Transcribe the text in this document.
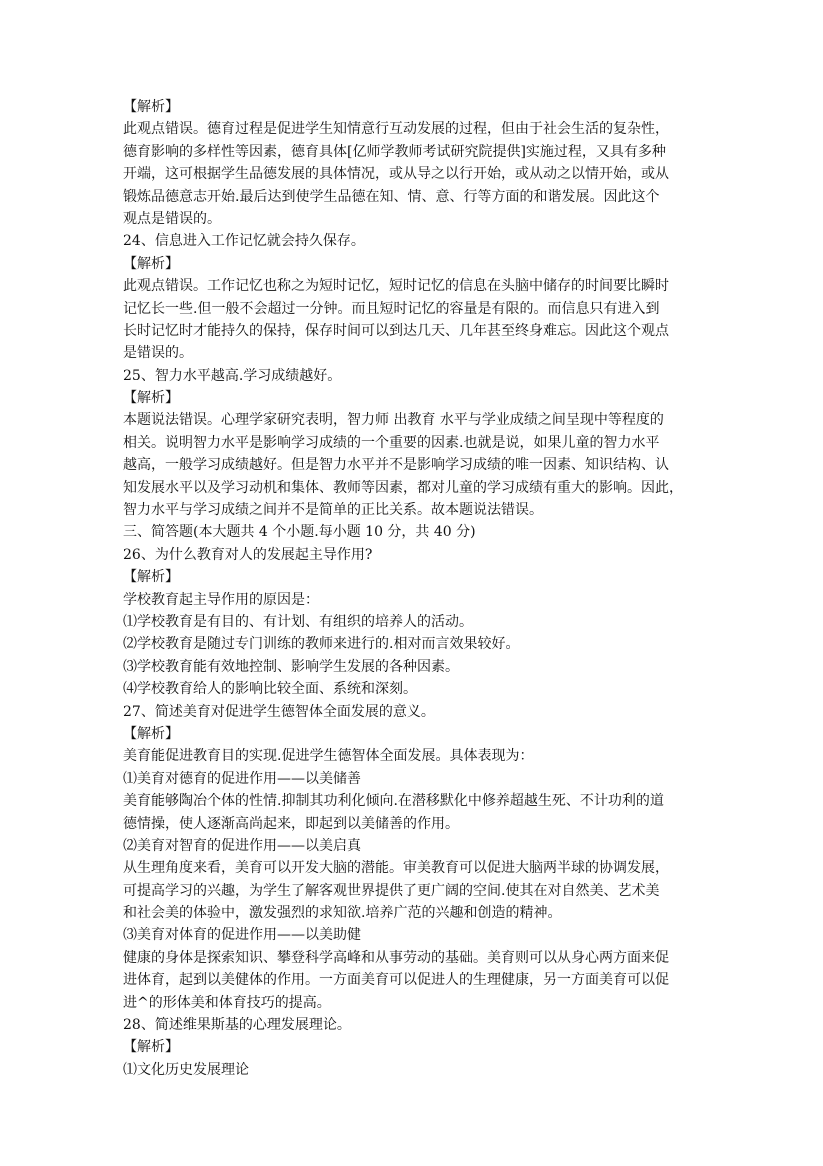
【解析】
此观点错误。德育过程是促进学生知情意行互动发展的过程，但由于社会生活的复杂性，
德育影响的多样性等因素，德育具体[亿师学教师考试研究院提供]实施过程，又具有多种
开端，这可根据学生品德发展的具体情况，或从导之以行开始，或从动之以情开始，或从
锻炼品德意志开始.最后达到使学生品德在知、情、意、行等方面的和谐发展。因此这个
观点是错误的。
24、信息进入工作记忆就会持久保存。
【解析】
此观点错误。工作记忆也称之为短时记忆，短时记忆的信息在头脑中储存的时间要比瞬时
记忆长一些.但一般不会超过一分钟。而且短时记忆的容量是有限的。而信息只有进入到
长时记忆时才能持久的保持，保存时间可以到达几天、几年甚至终身难忘。因此这个观点
是错误的。
25、智力水平越高.学习成绩越好。
【解析】
本题说法错误。心理学家研究表明，智力师 出教育 水平与学业成绩之间呈现中等程度的
相关。说明智力水平是影响学习成绩的一个重要的因素.也就是说，如果儿童的智力水平
越高，一般学习成绩越好。但是智力水平并不是影响学习成绩的唯一因素、知识结构、认
知发展水平以及学习动机和集体、教师等因素，都对儿童的学习成绩有重大的影响。因此，
智力水平与学习成绩之间并不是简单的正比关系。故本题说法错误。
三、简答题(本大题共 4 个小题.每小题 10 分，共 40 分)
26、为什么教育对人的发展起主导作用?
【解析】
学校教育起主导作用的原因是：
⑴学校教育是有目的、有计划、有组织的培养人的活动。
⑵学校教育是随过专门训练的教师来进行的.相对而言效果较好。
⑶学校教育能有效地控制、影响学生发展的各种因素。
⑷学校教育给人的影响比较全面、系统和深刻。
27、简述美育对促进学生德智体全面发展的意义。
【解析】
美育能促进教育目的实现.促进学生德智体全面发展。具体表现为：
⑴美育对德育的促进作用——以美储善
美育能够陶冶个体的性情.抑制其功利化倾向.在潜移默化中修养超越生死、不计功利的道
德情操，使人逐渐高尚起来，即起到以美储善的作用。
⑵美育对智育的促进作用——以美启真
从生理角度来看，美育可以开发大脑的潜能。审美教育可以促进大脑两半球的协调发展，
可提高学习的兴趣，为学生了解客观世界提供了更广阔的空间.使其在对自然美、艺术美
和社会美的体验中，激发强烈的求知欲.培养广范的兴趣和创造的精神。
⑶美育对体育的促进作用——以美助健
健康的身体是探索知识、攀登科学高峰和从事劳动的基础。美育则可以从身心两方面来促
进体育，起到以美健体的作用。一方面美育可以促进人的生理健康，另一方面美育可以促
进^的形体美和体育技巧的提高。
28、简述维果斯基的心理发展理论。
【解析】
⑴文化历史发展理论
